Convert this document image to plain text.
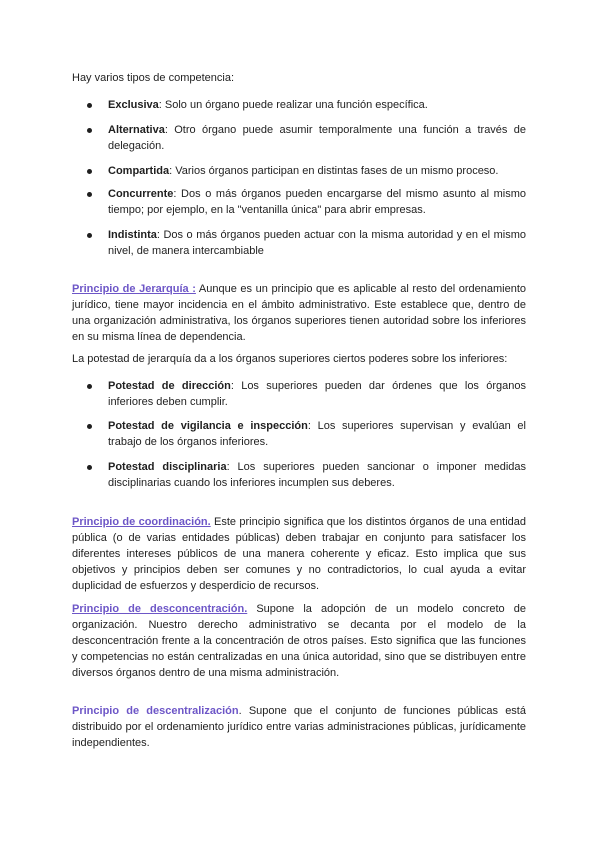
Hay varios tipos de competencia:

Exclusiva: Solo un órgano puede realizar una función específica.
Alternativa: Otro órgano puede asumir temporalmente una función a través de delegación.
Compartida: Varios órganos participan en distintas fases de un mismo proceso.
Concurrente: Dos o más órganos pueden encargarse del mismo asunto al mismo tiempo; por ejemplo, en la "ventanilla única" para abrir empresas.
Indistinta: Dos o más órganos pueden actuar con la misma autoridad y en el mismo nivel, de manera intercambiable

Principio de Jerarquía : Aunque es un principio que es aplicable al resto del ordenamiento jurídico, tiene mayor incidencia en el ámbito administrativo. Este establece que, dentro de una organización administrativa, los órganos superiores tienen autoridad sobre los inferiores en su misma línea de dependencia.

La potestad de jerarquía da a los órganos superiores ciertos poderes sobre los inferiores:

Potestad de dirección: Los superiores pueden dar órdenes que los órganos inferiores deben cumplir.
Potestad de vigilancia e inspección: Los superiores supervisan y evalúan el trabajo de los órganos inferiores.
Potestad disciplinaria: Los superiores pueden sancionar o imponer medidas disciplinarias cuando los inferiores incumplen sus deberes.

Principio de coordinación. Este principio significa que los distintos órganos de una entidad pública (o de varias entidades públicas) deben trabajar en conjunto para satisfacer los diferentes intereses públicos de una manera coherente y eficaz. Esto implica que sus objetivos y principios deben ser comunes y no contradictorios, lo cual ayuda a evitar duplicidad de esfuerzos y desperdicio de recursos.

Principio de desconcentración. Supone la adopción de un modelo concreto de organización. Nuestro derecho administrativo se decanta por el modelo de la desconcentración frente a la concentración de otros países. Esto significa que las funciones y competencias no están centralizadas en una única autoridad, sino que se distribuyen entre diversos órganos dentro de una misma administración.

Principio de descentralización. Supone que el conjunto de funciones públicas está distribuido por el ordenamiento jurídico entre varias administraciones públicas, jurídicamente independientes.
